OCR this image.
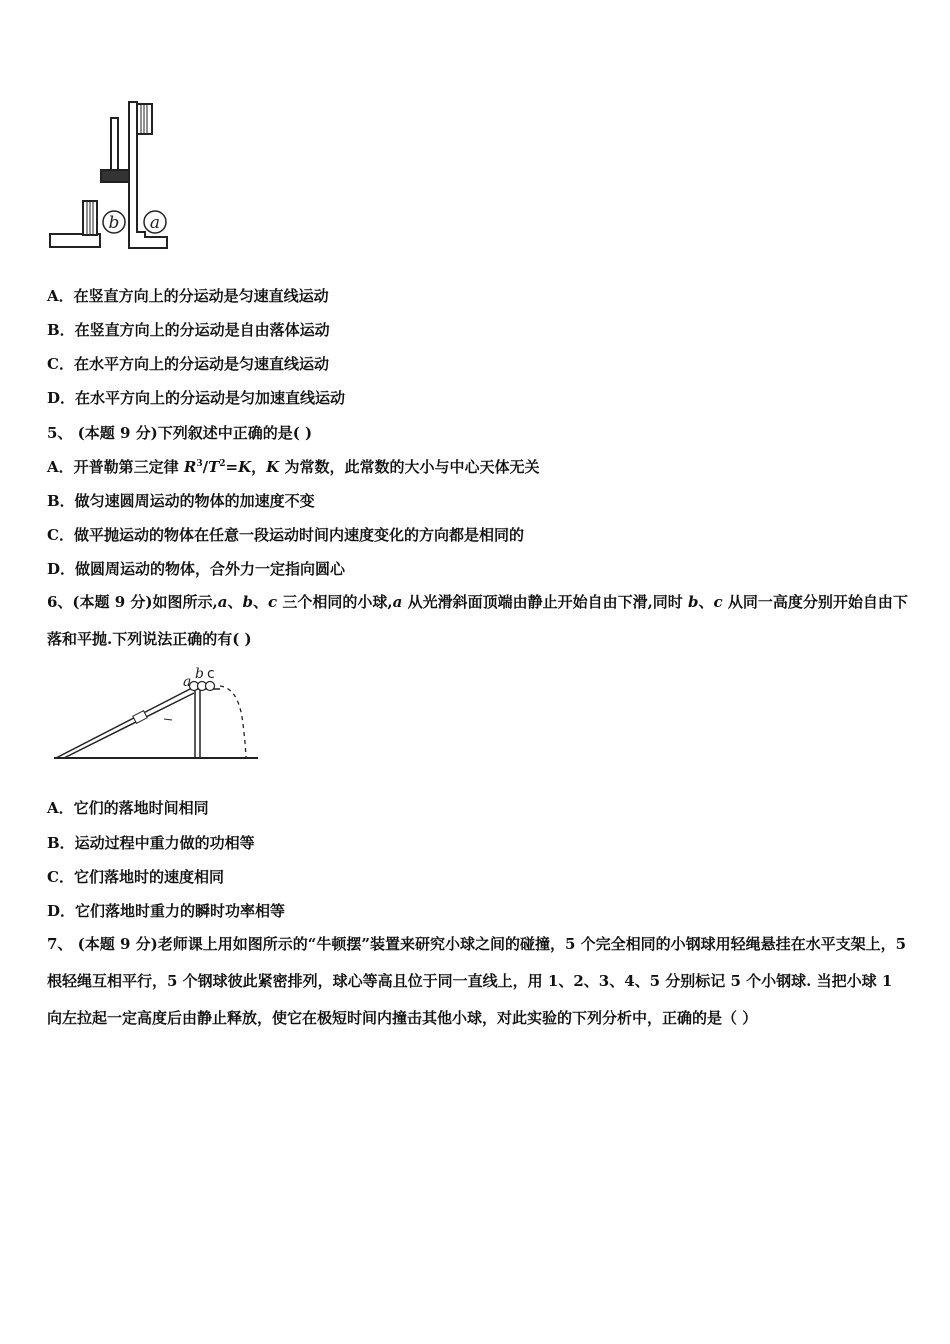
b a
A．在竖直方向上的分运动是匀速直线运动
B．在竖直方向上的分运动是自由落体运动
C．在水平方向上的分运动是匀速直线运动
D．在水平方向上的分运动是匀加速直线运动
5、 (本题 9 分)下列叙述中正确的是( )
A．开普勒第三定律 $R^3/T^2=K$，K 为常数，此常数的大小与中心天体无关
B．做匀速圆周运动的物体的加速度不变
C．做平抛运动的物体在任意一段运动时间内速度变化的方向都是相同的
D．做圆周运动的物体，合外力一定指向圆心
6、(本题 9 分)如图所示,a、b、c 三个相同的小球,a 从光滑斜面顶端由静止开始自由下滑,同时 b、c 从同一高度分别开始自由下落和平抛.下列说法正确的有( )
a b c
A．它们的落地时间相同
B．运动过程中重力做的功相等
C．它们落地时的速度相同
D．它们落地时重力的瞬时功率相等
7、 (本题 9 分)老师课上用如图所示的“牛顿摆”装置来研究小球之间的碰撞，5 个完全相同的小钢球用轻绳悬挂在水平支架上，5 根轻绳互相平行，5 个钢球彼此紧密排列，球心等高且位于同一直线上，用 1、2、3、4、5 分别标记 5 个小钢球. 当把小球 1 向左拉起一定高度后由静止释放，使它在极短时间内撞击其他小球，对此实验的下列分析中，正确的是（ ）
